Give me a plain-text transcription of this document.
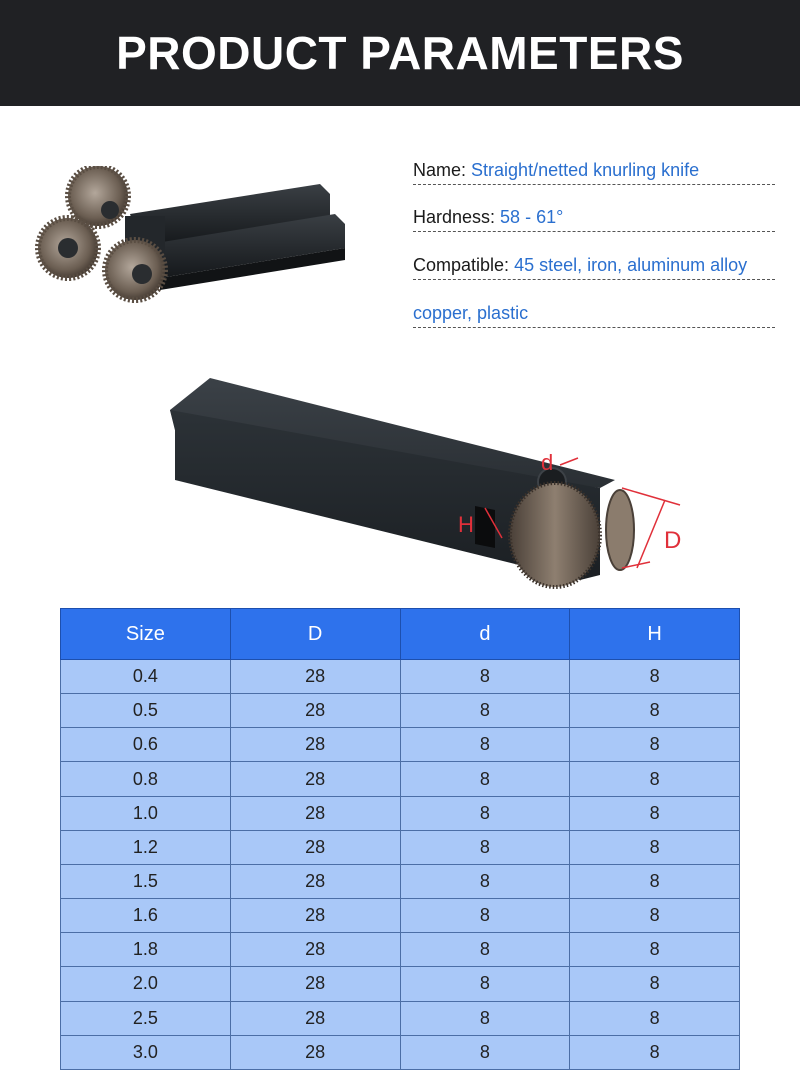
PRODUCT PARAMETERS
Name: Straight/netted knurling knife
Hardness: 58 - 61°
Compatible: 45 steel, iron, aluminum alloy
copper, plastic
d
H
D
Size	D	d	H
0.4	28	8	8
0.5	28	8	8
0.6	28	8	8
0.8	28	8	8
1.0	28	8	8
1.2	28	8	8
1.5	28	8	8
1.6	28	8	8
1.8	28	8	8
2.0	28	8	8
2.5	28	8	8
3.0	28	8	8
